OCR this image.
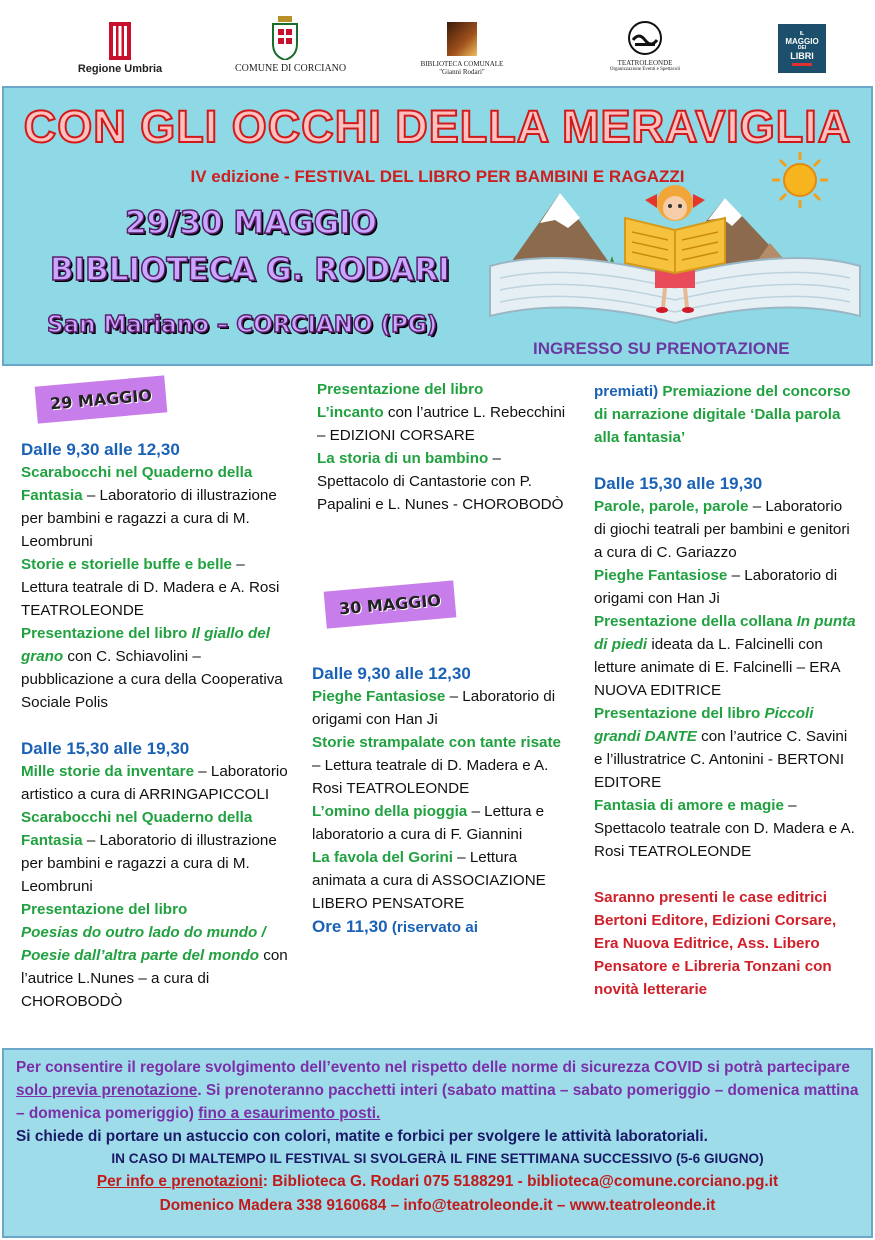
Regione Umbria	COMUNE DI CORCIANO	BIBLIOTECA COMUNALE
"Gianni Rodari"
TEATROLEONDE
Organizzazione Eventi e Spettacoli
IL
MAGGIO
DEI
LIBRI
CON GLI OCCHI DELLA MERAVIGLIA
IV edizione - FESTIVAL DEL LIBRO PER BAMBINI E RAGAZZI
29/30 MAGGIO
BIBLIOTECA G. RODARI
San Mariano – CORCIANO (PG)
INGRESSO SU PRENOTAZIONE
29 MAGGIO

Dalle 9,30 alle 12,30

Scarabocchi nel Quaderno della Fantasia – Laboratorio di illustrazione per bambini e ragazzi a cura di M. Leombruni

Storie e storielle buffe e belle – Lettura teatrale di D. Madera e A. Rosi TEATROLEONDE

Presentazione del libro Il giallo del grano con C. Schiavolini – pubblicazione a cura della Cooperativa Sociale Polis

Dalle 15,30 alle 19,30

Mille storie da inventare – Laboratorio artistico a cura di ARRINGAPICCOLI

Scarabocchi nel Quaderno della Fantasia – Laboratorio di illustrazione per bambini e ragazzi a cura di M. Leombruni

Presentazione del libro
Poesias do outro lado do mundo / Poesie dall’altra parte del mondo con l’autrice L.Nunes – a cura di CHOROBODÒ

Presentazione del libro
L’incanto con l’autrice L. Rebecchini – EDIZIONI CORSARE

La storia di un bambino – Spettacolo di Cantastorie con P. Papalini e L. Nunes - CHOROBODÒ

30 MAGGIO

Dalle 9,30 alle 12,30

Pieghe Fantasiose – Laboratorio di origami con Han Ji

Storie strampalate con tante risate – Lettura teatrale di D. Madera e A. Rosi TEATROLEONDE

L’omino della pioggia – Lettura e laboratorio a cura di F. Giannini

La favola del Gorini – Lettura animata a cura di ASSOCIAZIONE LIBERO PENSATORE

Ore 11,30 (riservato ai

premiati) Premiazione del concorso di narrazione digitale ‘Dalla parola alla fantasia’

Dalle 15,30 alle 19,30

Parole, parole, parole – Laboratorio di giochi teatrali per bambini e genitori a cura di C. Gariazzo

Pieghe Fantasiose – Laboratorio di origami con Han Ji

Presentazione della collana In punta di piedi ideata da L. Falcinelli con letture animate di E. Falcinelli – ERA NUOVA EDITRICE

Presentazione del libro Piccoli grandi DANTE con l’autrice C. Savini e l’illustratrice C. Antonini - BERTONI EDITORE

Fantasia di amore e magie – Spettacolo teatrale con D. Madera e A. Rosi TEATROLEONDE

Saranno presenti le case editrici Bertoni Editore, Edizioni Corsare, Era Nuova Editrice, Ass. Libero Pensatore e Libreria Tonzani con novità letterarie

Per consentire il regolare svolgimento dell’evento nel rispetto delle norme di sicurezza COVID si potrà partecipare solo previa prenotazione. Si prenoteranno pacchetti interi (sabato mattina – sabato pomeriggio – domenica mattina – domenica pomeriggio) fino a esaurimento posti.

Si chiede di portare un astuccio con colori, matite e forbici per svolgere le attività laboratoriali.

IN CASO DI MALTEMPO IL FESTIVAL SI SVOLGERÀ IL FINE SETTIMANA SUCCESSIVO (5-6 GIUGNO)

Per info e prenotazioni: Biblioteca G. Rodari 075 5188291 - biblioteca@comune.corciano.pg.it

Domenico Madera 338 9160684 – info@teatroleonde.it – www.teatroleonde.it
